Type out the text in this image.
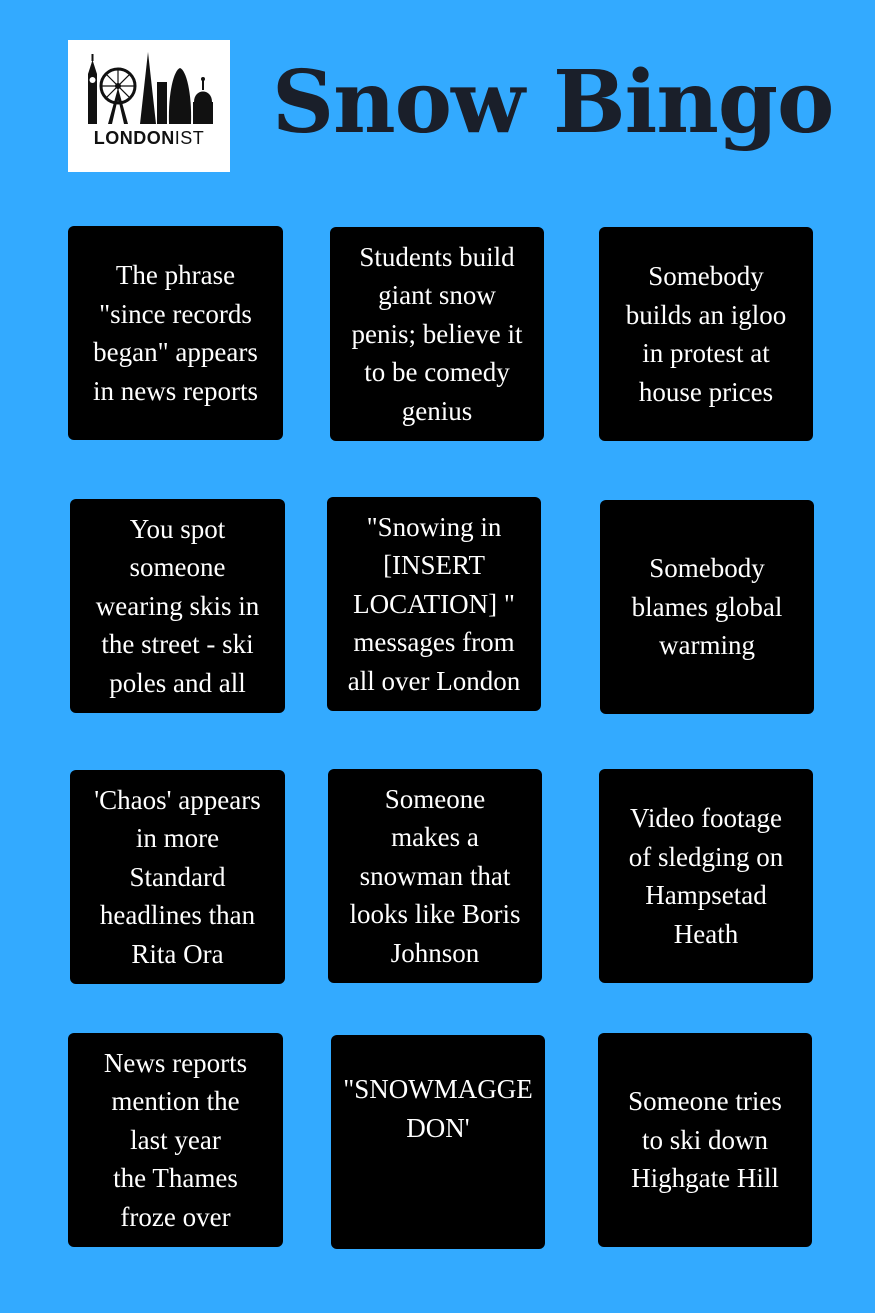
LONDONIST Snow Bingo
The phrase
"since records
began" appears
in news reports
Students build
giant snow
penis; believe it
to be comedy
genius
Somebody
builds an igloo
in protest at
house prices
You spot
someone
wearing skis in
the street - ski
poles and all
"Snowing in
[INSERT
LOCATION] "
messages from
all over London
Somebody
blames global
warming
'Chaos' appears
in more
Standard
headlines than
Rita Ora
Someone
makes a
snowman that
looks like Boris
Johnson
Video footage
of sledging on
Hampsetad
Heath
News reports
mention the
last year
the Thames
froze over
"SNOWMAGGE
DON'
Someone tries
to ski down
Highgate Hill
